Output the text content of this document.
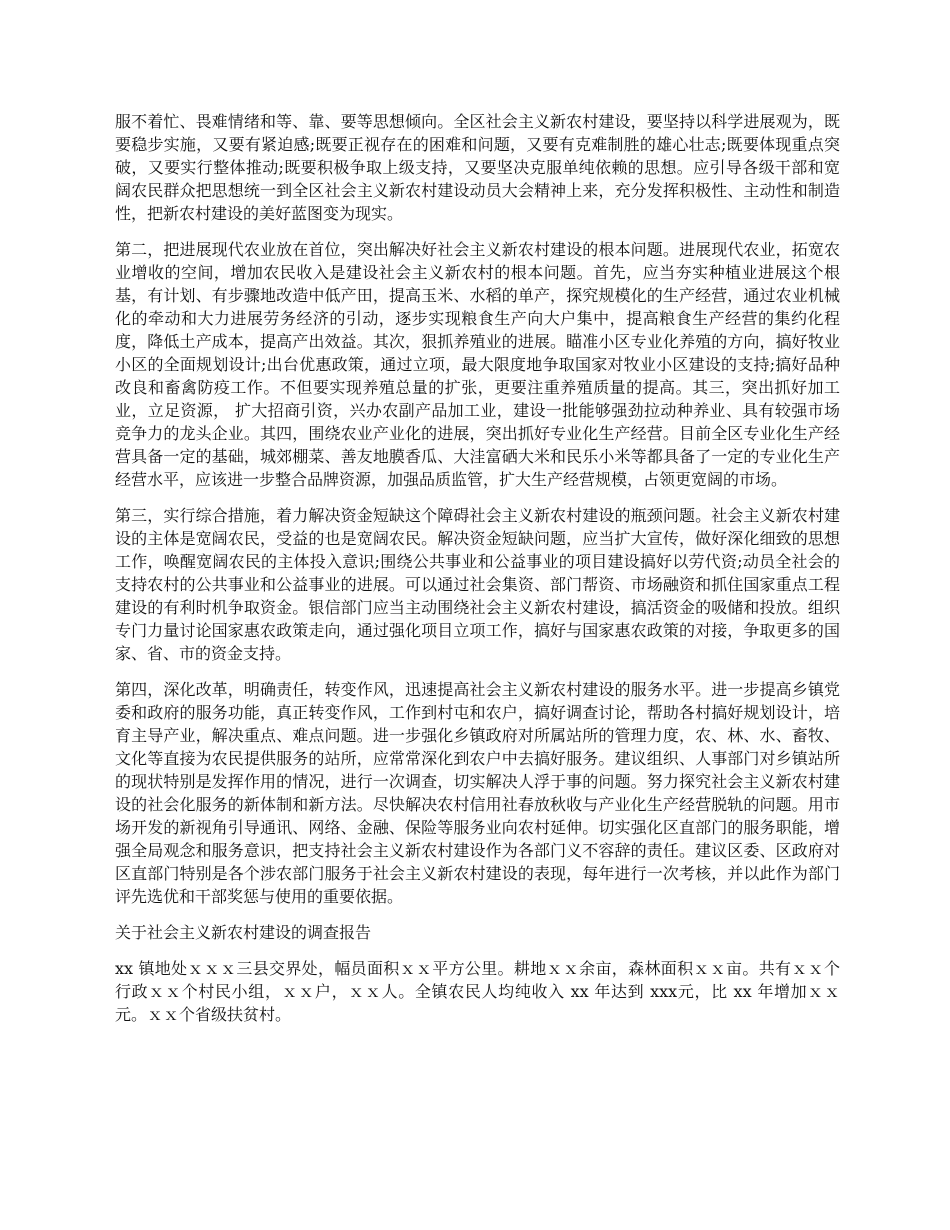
服不着忙、畏难情绪和等、靠、要等思想倾向。全区社会主义新农村建设，要坚持以科学进展观为，既要稳步实施，又要有紧迫感;既要正视存在的困难和问题，又要有克难制胜的雄心壮志;既要体现重点突破，又要实行整体推动;既要积极争取上级支持，又要坚决克服单纯依赖的思想。应引导各级干部和宽阔农民群众把思想统一到全区社会主义新农村建设动员大会精神上来，充分发挥积极性、主动性和制造性，把新农村建设的美好蓝图变为现实。

第二，把进展现代农业放在首位，突出解决好社会主义新农村建设的根本问题。进展现代农业，拓宽农业增收的空间，增加农民收入是建设社会主义新农村的根本问题。首先，应当夯实种植业进展这个根基，有计划、有步骤地改造中低产田，提高玉米、水稻的单产，探究规模化的生产经营，通过农业机械化的牵动和大力进展劳务经济的引动，逐步实现粮食生产向大户集中，提高粮食生产经营的集约化程度，降低土产成本，提高产出效益。其次，狠抓养殖业的进展。瞄准小区专业化养殖的方向，搞好牧业小区的全面规划设计;出台优惠政策，通过立项，最大限度地争取国家对牧业小区建设的支持;搞好品种改良和畜禽防疫工作。不但要实现养殖总量的扩张，更要注重养殖质量的提高。其三，突出抓好加工业，立足资源， 扩大招商引资，兴办农副产品加工业，建设一批能够强劲拉动种养业、具有较强市场竞争力的龙头企业。其四，围绕农业产业化的进展，突出抓好专业化生产经营。目前全区专业化生产经营具备一定的基础，城郊棚菜、善友地膜香瓜、大洼富硒大米和民乐小米等都具备了一定的专业化生产经营水平，应该进一步整合品牌资源，加强品质监管，扩大生产经营规模，占领更宽阔的市场。

第三，实行综合措施，着力解决资金短缺这个障碍社会主义新农村建设的瓶颈问题。社会主义新农村建设的主体是宽阔农民，受益的也是宽阔农民。解决资金短缺问题，应当扩大宣传，做好深化细致的思想工作，唤醒宽阔农民的主体投入意识;围绕公共事业和公益事业的项目建设搞好以劳代资;动员全社会的支持农村的公共事业和公益事业的进展。可以通过社会集资、部门帮资、市场融资和抓住国家重点工程建设的有利时机争取资金。银信部门应当主动围绕社会主义新农村建设，搞活资金的吸储和投放。组织专门力量讨论国家惠农政策走向，通过强化项目立项工作，搞好与国家惠农政策的对接，争取更多的国家、省、市的资金支持。

第四，深化改革，明确责任，转变作风，迅速提高社会主义新农村建设的服务水平。进一步提高乡镇党委和政府的服务功能，真正转变作风，工作到村屯和农户，搞好调查讨论，帮助各村搞好规划设计，培育主导产业，解决重点、难点问题。进一步强化乡镇政府对所属站所的管理力度，农、林、水、畜牧、文化等直接为农民提供服务的站所，应常常深化到农户中去搞好服务。建议组织、人事部门对乡镇站所的现状特别是发挥作用的情况，进行一次调查，切实解决人浮于事的问题。努力探究社会主义新农村建设的社会化服务的新体制和新方法。尽快解决农村信用社春放秋收与产业化生产经营脱轨的问题。用市场开发的新视角引导通讯、网络、金融、保险等服务业向农村延伸。切实强化区直部门的服务职能，增强全局观念和服务意识，把支持社会主义新农村建设作为各部门义不容辞的责任。建议区委、区政府对区直部门特别是各个涉农部门服务于社会主义新农村建设的表现，每年进行一次考核，并以此作为部门评先选优和干部奖惩与使用的重要依据。

关于社会主义新农村建设的调查报告

xx 镇地处ｘｘｘ三县交界处，幅员面积ｘｘ平方公里。耕地ｘｘ余亩，森林面积ｘｘ亩。共有ｘｘ个行政ｘｘ个村民小组，ｘｘ户，ｘｘ人。全镇农民人均纯收入 xx 年达到 xxx元，比 xx 年增加ｘｘ元。ｘｘ个省级扶贫村。
